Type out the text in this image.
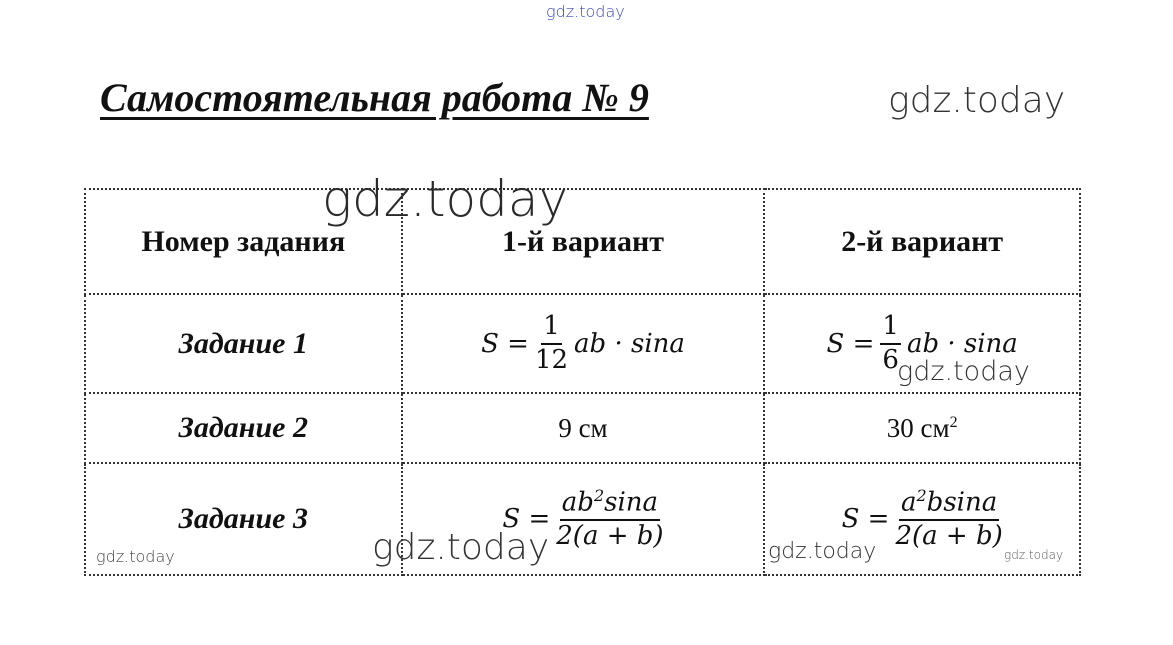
gdz.today
gdz.today
Самостоятельная работа № 9
Номер задания	1-й вариант	2-й вариант
Задание 1	$S = \frac{1}{12}$ ab · sina	$S = \frac{1}{6}$ ab · sina

Задание 2	9 см	30 $см^2$
Задание 3	$S = \frac{ab^2\sin a}{2(a + b)}$	$S = \frac{a^2bsina}{2(a + b)}$
gdz.today
gdz.today
gdz.today	gdz.today	gdz.today	gdz.today
